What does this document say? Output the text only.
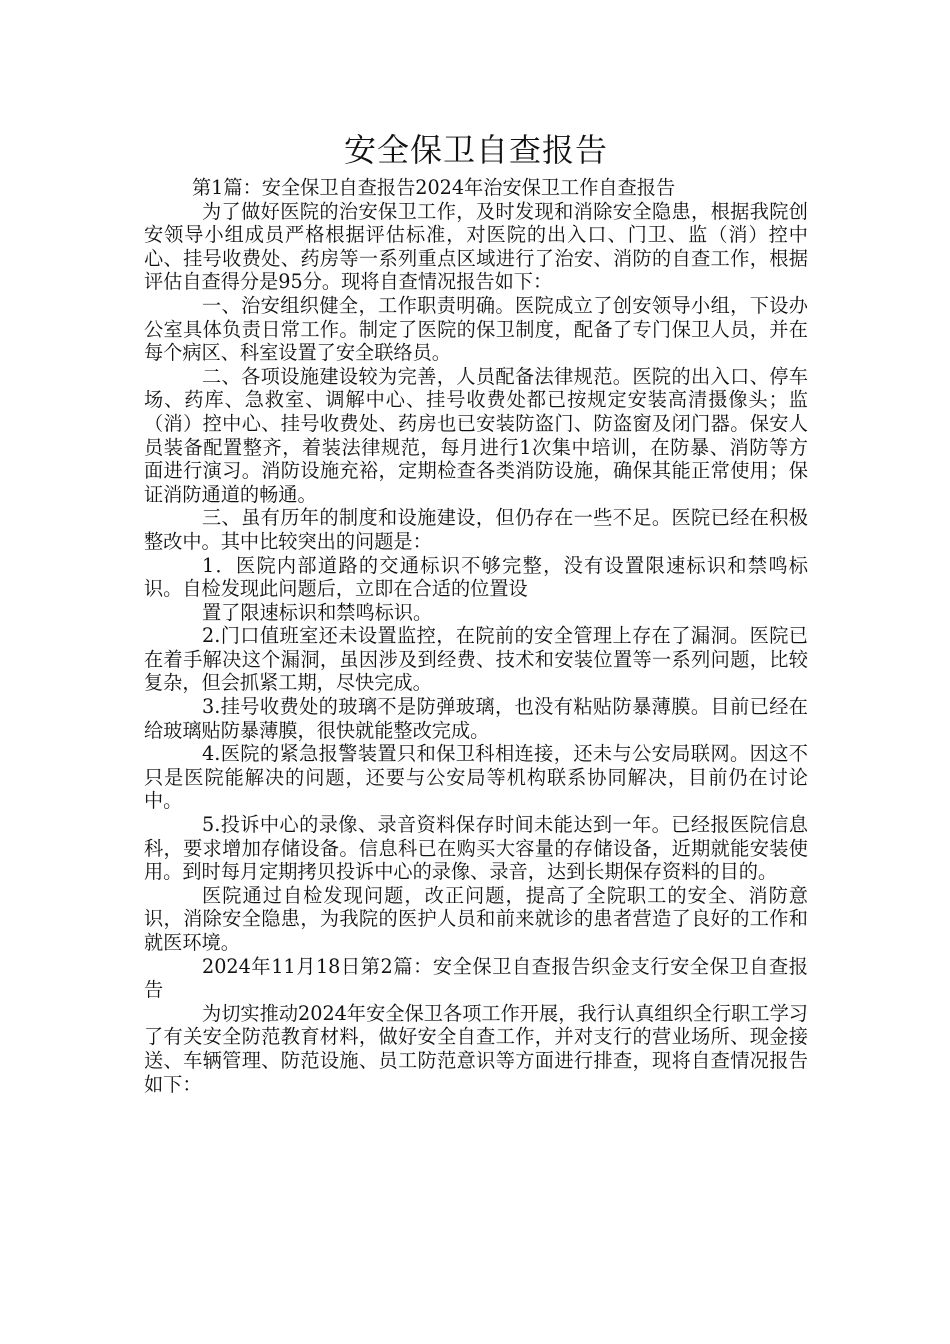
安全保卫自查报告

第1篇：安全保卫自查报告2024年治安保卫工作自查报告

为了做好医院的治安保卫工作，及时发现和消除安全隐患，根据我院创安领导小组成员严格根据评估标准，对医院的出入口、门卫、监（消）控中心、挂号收费处、药房等一系列重点区域进行了治安、消防的自查工作，根据评估自查得分是95分。现将自查情况报告如下：

一、治安组织健全，工作职责明确。医院成立了创安领导小组，下设办公室具体负责日常工作。制定了医院的保卫制度，配备了专门保卫人员，并在每个病区、科室设置了安全联络员。

二、各项设施建设较为完善，人员配备法律规范。医院的出入口、停车场、药库、急救室、调解中心、挂号收费处都已按规定安装高清摄像头；监（消）控中心、挂号收费处、药房也已安装防盗门、防盗窗及闭门器。保安人员装备配置整齐，着装法律规范，每月进行1次集中培训，在防暴、消防等方面进行演习。消防设施充裕，定期检查各类消防设施，确保其能正常使用；保证消防通道的畅通。

三、虽有历年的制度和设施建设，但仍存在一些不足。医院已经在积极整改中。其中比较突出的问题是：

1．医院内部道路的交通标识不够完整，没有设置限速标识和禁鸣标识。自检发现此问题后，立即在合适的位置设

置了限速标识和禁鸣标识。

2.门口值班室还未设置监控，在院前的安全管理上存在了漏洞。医院已在着手解决这个漏洞，虽因涉及到经费、技术和安装位置等一系列问题，比较复杂，但会抓紧工期，尽快完成。

3.挂号收费处的玻璃不是防弹玻璃，也没有粘贴防暴薄膜。目前已经在给玻璃贴防暴薄膜，很快就能整改完成。

4.医院的紧急报警装置只和保卫科相连接，还未与公安局联网。因这不只是医院能解决的问题，还要与公安局等机构联系协同解决，目前仍在讨论中。

5.投诉中心的录像、录音资料保存时间未能达到一年。已经报医院信息科，要求增加存储设备。信息科已在购买大容量的存储设备，近期就能安装使用。到时每月定期拷贝投诉中心的录像、录音，达到长期保存资料的目的。

医院通过自检发现问题，改正问题，提高了全院职工的安全、消防意识，消除安全隐患，为我院的医护人员和前来就诊的患者营造了良好的工作和就医环境。

2024年11月18日第2篇：安全保卫自查报告织金支行安全保卫自查报告

为切实推动2024年安全保卫各项工作开展，我行认真组织全行职工学习了有关安全防范教育材料，做好安全自查工作，并对支行的营业场所、现金接送、车辆管理、防范设施、员工防范意识等方面进行排查，现将自查情况报告如下：
